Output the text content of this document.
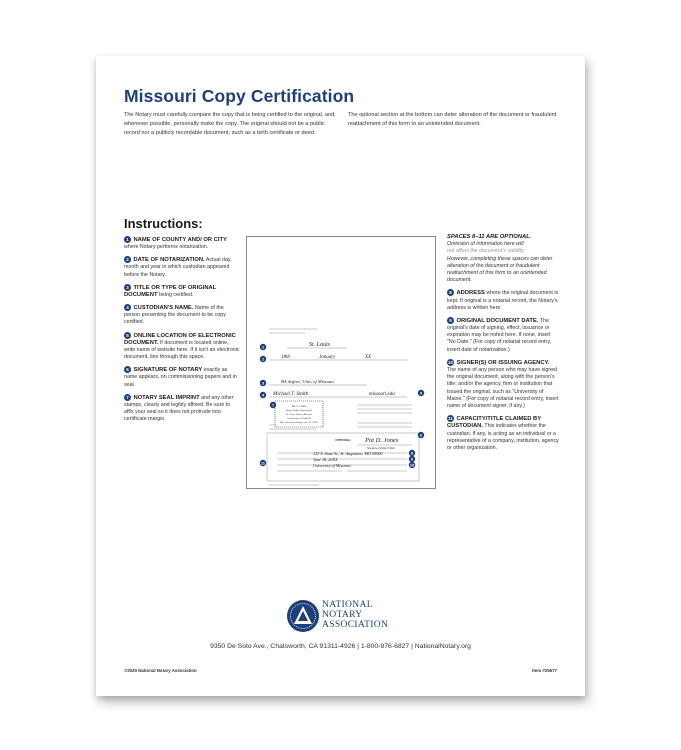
Missouri Copy Certification
The Notary must carefully compare the copy that is being certified to the original, and, whenever possible, personally make the copy. The original should not be a public record nor a publicly recordable document, such as a birth certificate or deed.
The optional section at the bottom can deter alteration of the document or fraudulent reattachment of this form to an unintended document.
Instructions:
1 NAME OF COUNTY AND/ OR CITY where Notary performs notarization.
2 DATE OF NOTARIZATION. Actual day, month and year in which custodian appeared before the Notary.
3 TITLE OR TYPE OF ORIGINAL DOCUMENT being certified.
4 CUSTODIAN'S NAME. Name of the person presenting the document to be copy certified.
5 ONLINE LOCATION OF ELECTRONIC DOCUMENT. If document is located online, write name of website here. If it isn't an electronic document, line through this space.
6 SIGNATURE OF NOTARY exactly as name appears, on commissioning papers and in seal.
7 NOTARY SEAL IMPRINT and any other stamps, clearly and legibly affixed. Be sure to affix your seal so it does not protrude into certificate margin.
PAT D. JONES
Notary Public, Notary Seal
St. Louis, State of Missouri
Commission #12345678
My Commission Expires Jan. 31, 20XX
St. Louis
18th	January	XX
BA degree, Univ. of Missouri
Michael T. Smith	missouri.edu
Pat D. Jones
123 S. State St., St. Augustine, MO 00000
June 18, 20XX
University of Missouri
OPTIONAL
Signature of Notary Public
1
2
3
4	5
6
7
8
9
10
11
SPACES 8–11 ARE OPTIONAL.
Omission of information here will
not affect the document's validity.
However, completing these spaces can deter alteration of the document or fraudulent reattachment of this form to an unintended document.
8 ADDRESS where the original document is kept. If original is a notarial record, the Notary's address is written here.
9 ORIGINAL DOCUMENT DATE. The original's date of signing, effect, issuance or expiration may be noted here. If none, insert "No Date." (For copy of notarial record entry, insert date of notarization.)
10 SIGNER(S) OR ISSUING AGENCY. The name of any person who may have signed the original document, along with the person's title; and/or the agency, firm or institution that issued the original, such as "University of Maine." (For copy of notarial record entry, insert name of document signer, if any.)
11 CAPACITY/TITLE CLAIMED BY CUSTODIAN. This indicates whether the custodian, if any, is acting as an individual or a representative of a company, institution, agency or other organization.
NATIONAL
NOTARY
ASSOCIATION
9350 De Soto Ave., Chatsworth, CA 91311-4926 | 1-800-876-6827 | NationalNotary.org
©2020 National Notary Association	Item #25677
